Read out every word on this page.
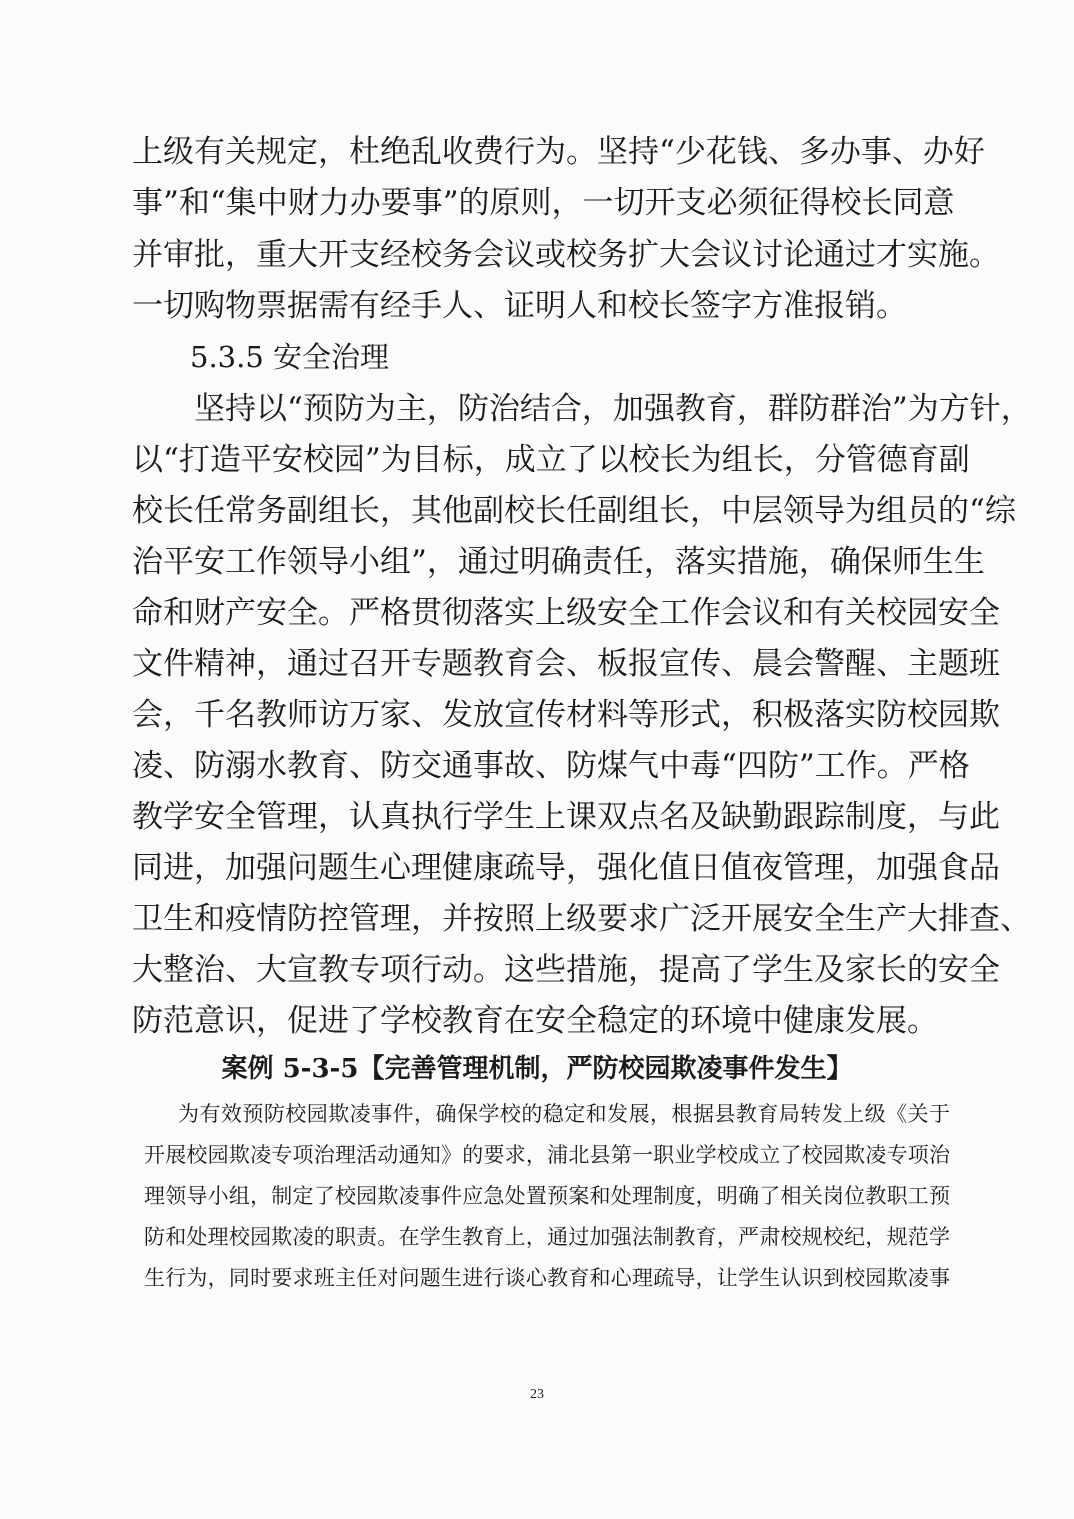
上级有关规定，杜绝乱收费行为。坚持“少花钱、多办事、办好
事”和“集中财力办要事”的原则，一切开支必须征得校长同意
并审批，重大开支经校务会议或校务扩大会议讨论通过才实施。
一切购物票据需有经手人、证明人和校长签字方准报销。
5.3.5 安全治理
坚持以“预防为主，防治结合，加强教育，群防群治”为方针，
以“打造平安校园”为目标，成立了以校长为组长，分管德育副
校长任常务副组长，其他副校长任副组长，中层领导为组员的“综
治平安工作领导小组”，通过明确责任，落实措施，确保师生生
命和财产安全。严格贯彻落实上级安全工作会议和有关校园安全
文件精神，通过召开专题教育会、板报宣传、晨会警醒、主题班
会，千名教师访万家、发放宣传材料等形式，积极落实防校园欺
凌、防溺水教育、防交通事故、防煤气中毒“四防”工作。严格
教学安全管理，认真执行学生上课双点名及缺勤跟踪制度，与此
同进，加强问题生心理健康疏导，强化值日值夜管理，加强食品
卫生和疫情防控管理，并按照上级要求广泛开展安全生产大排查、
大整治、大宣教专项行动。这些措施，提高了学生及家长的安全
防范意识，促进了学校教育在安全稳定的环境中健康发展。
案例 5-3-5【完善管理机制，严防校园欺凌事件发生】
为有效预防校园欺凌事件，确保学校的稳定和发展，根据县教育局转发上级《关于
开展校园欺凌专项治理活动通知》的要求，浦北县第一职业学校成立了校园欺凌专项治
理领导小组，制定了校园欺凌事件应急处置预案和处理制度，明确了相关岗位教职工预
防和处理校园欺凌的职责。在学生教育上，通过加强法制教育，严肃校规校纪，规范学
生行为，同时要求班主任对问题生进行谈心教育和心理疏导，让学生认识到校园欺凌事
23
